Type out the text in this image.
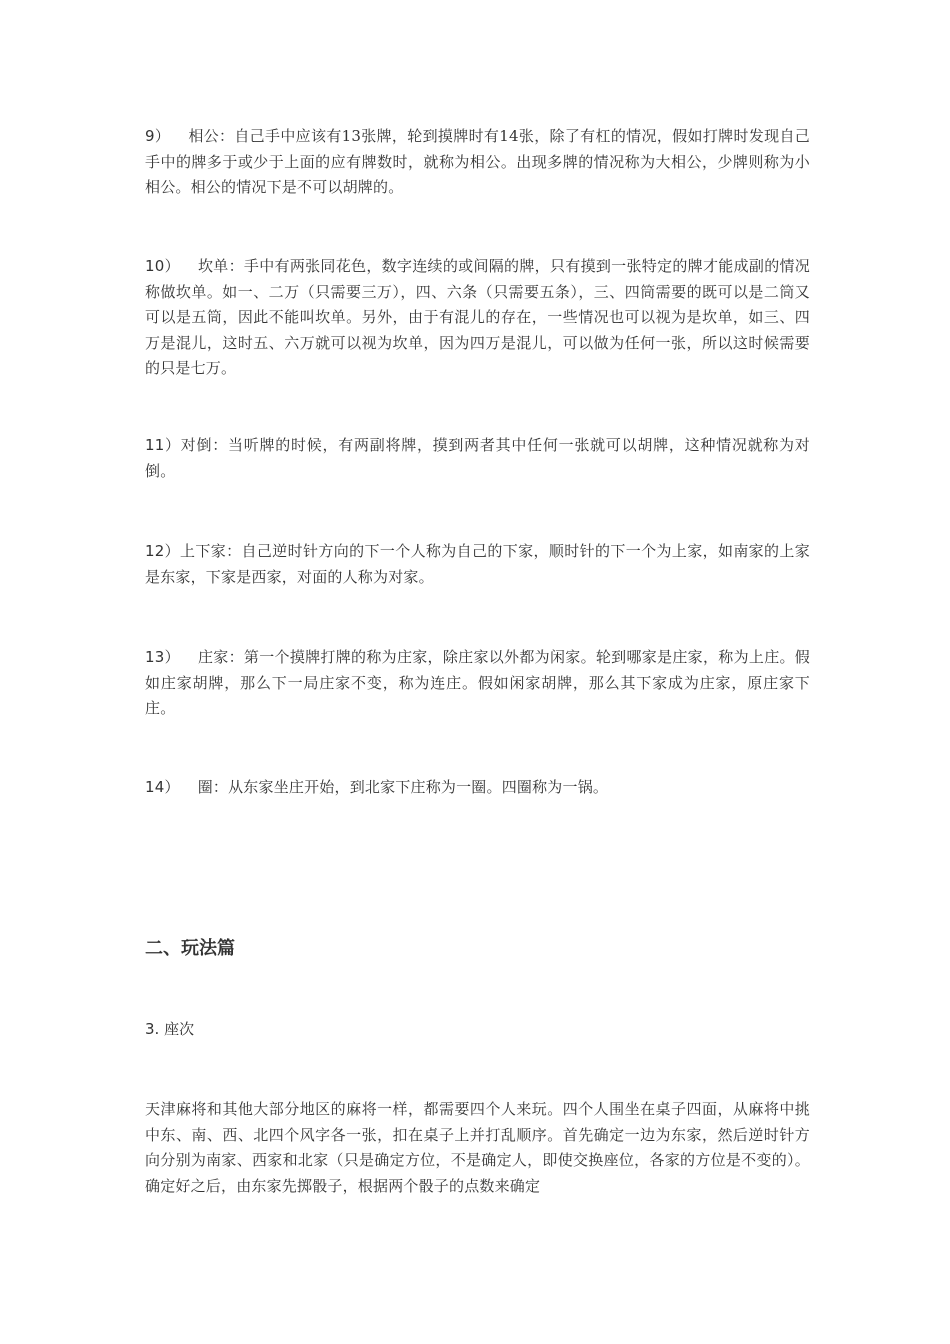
9） 相公：自己手中应该有13张牌，轮到摸牌时有14张，除了有杠的情况，假如打牌时发现自己手中的牌多于或少于上面的应有牌数时，就称为相公。出现多牌的情况称为大相公，少牌则称为小相公。相公的情况下是不可以胡牌的。
10） 坎单：手中有两张同花色，数字连续的或间隔的牌，只有摸到一张特定的牌才能成副的情况称做坎单。如一、二万（只需要三万），四、六条（只需要五条），三、四筒需要的既可以是二筒又可以是五筒，因此不能叫坎单。另外，由于有混儿的存在，一些情况也可以视为是坎单，如三、四万是混儿，这时五、六万就可以视为坎单，因为四万是混儿，可以做为任何一张，所以这时候需要的只是七万。
11）对倒：当听牌的时候，有两副将牌，摸到两者其中任何一张就可以胡牌，这种情况就称为对倒。
12）上下家：自己逆时针方向的下一个人称为自己的下家，顺时针的下一个为上家，如南家的上家是东家，下家是西家，对面的人称为对家。
13） 庄家：第一个摸牌打牌的称为庄家，除庄家以外都为闲家。轮到哪家是庄家，称为上庄。假如庄家胡牌，那么下一局庄家不变，称为连庄。假如闲家胡牌，那么其下家成为庄家，原庄家下庄。
14） 圈：从东家坐庄开始，到北家下庄称为一圈。四圈称为一锅。
二、玩法篇
3. 座次
天津麻将和其他大部分地区的麻将一样，都需要四个人来玩。四个人围坐在桌子四面，从麻将中挑中东、南、西、北四个风字各一张，扣在桌子上并打乱顺序。首先确定一边为东家，然后逆时针方向分别为南家、西家和北家（只是确定方位，不是确定人，即使交换座位，各家的方位是不变的）。确定好之后，由东家先掷骰子，根据两个骰子的点数来确定
